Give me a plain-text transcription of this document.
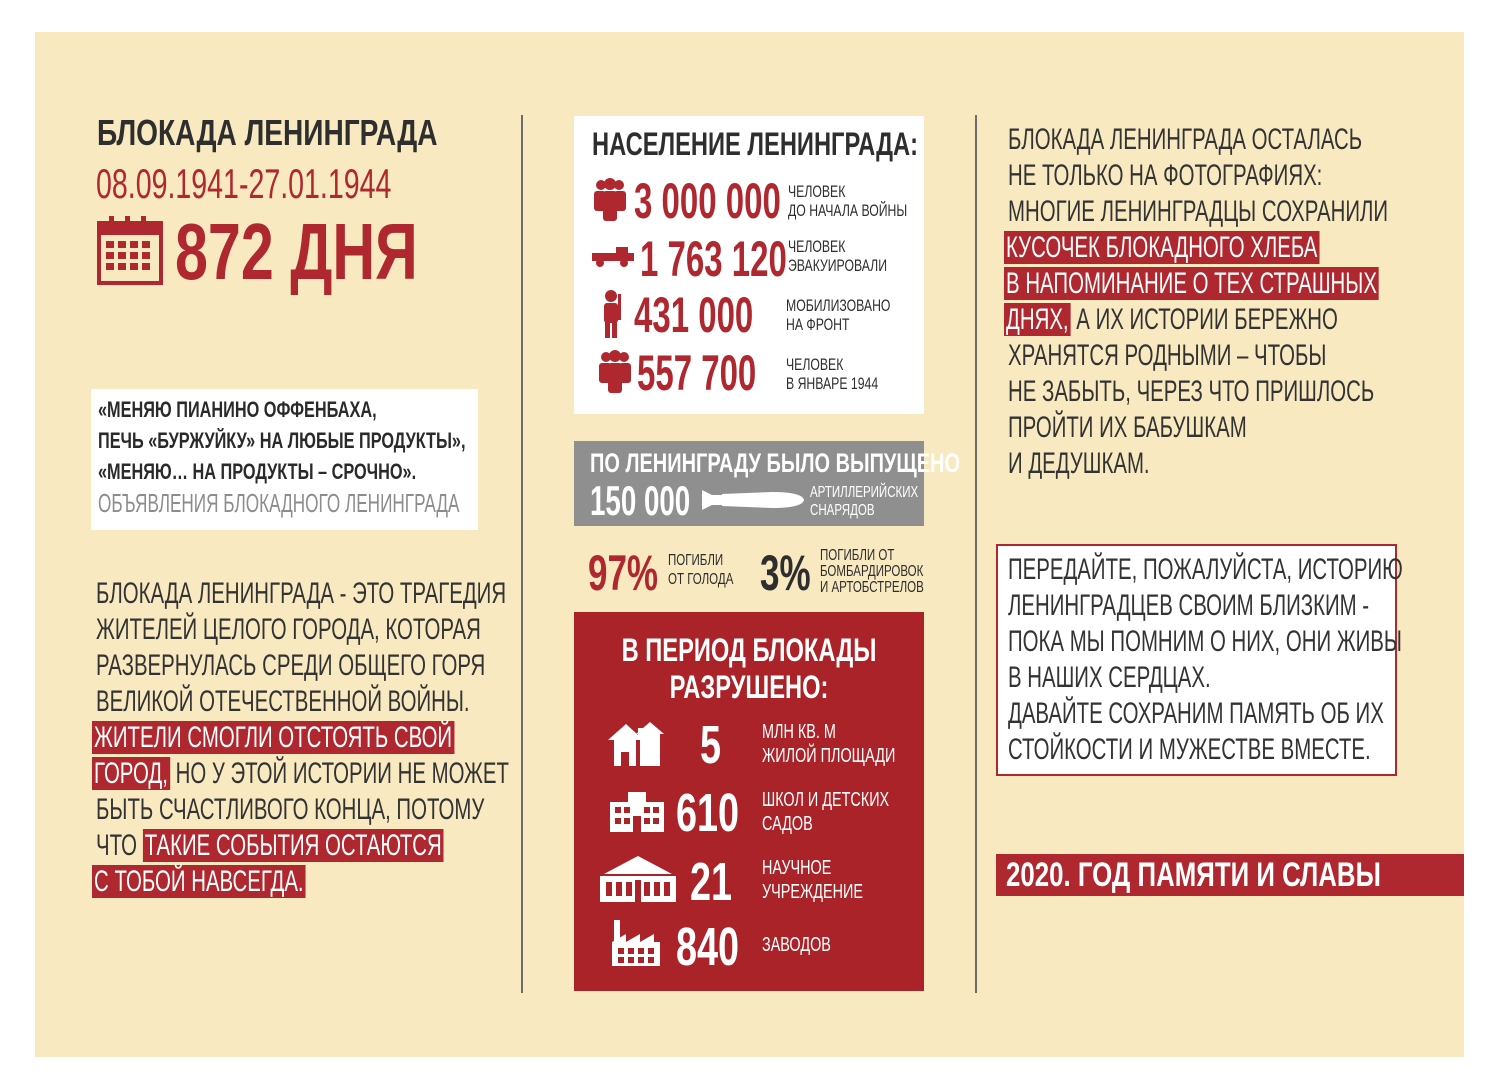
БЛОКАДА ЛЕНИНГРАДА
08.09.1941-27.01.1944
872 ДНЯ
«МЕНЯЮ ПИАНИНО ОФФЕНБАХА,
ПЕЧЬ «БУРЖУЙКУ» НА ЛЮБЫЕ ПРОДУКТЫ»,
«МЕНЯЮ… НА ПРОДУКТЫ – СРОЧНО».
ОБЪЯВЛЕНИЯ БЛОКАДНОГО ЛЕНИНГРАДА
БЛОКАДА ЛЕНИНГРАДА - ЭТО ТРАГЕДИЯ
ЖИТЕЛЕЙ ЦЕЛОГО ГОРОДА, КОТОРАЯ
РАЗВЕРНУЛАСЬ СРЕДИ ОБЩЕГО ГОРЯ
ВЕЛИКОЙ ОТЕЧЕСТВЕННОЙ ВОЙНЫ.
ЖИТЕЛИ СМОГЛИ ОТСТОЯТЬ СВОЙ
ГОРОД, НО У ЭТОЙ ИСТОРИИ НЕ МОЖЕТ
БЫТЬ СЧАСТЛИВОГО КОНЦА, ПОТОМУ
ЧТО ТАКИЕ СОБЫТИЯ ОСТАЮТСЯ
С ТОБОЙ НАВСЕГДА.
НАСЕЛЕНИЕ ЛЕНИНГРАДА:
3 000 000 ЧЕЛОВЕК
ДО НАЧАЛА ВОЙНЫ
1 763 120 ЧЕЛОВЕК
ЭВАКУИРОВАЛИ
431 000 МОБИЛИЗОВАНО
НА ФРОНТ
557 700 ЧЕЛОВЕК
В ЯНВАРЕ 1944
ПО ЛЕНИНГРАДУ БЫЛО ВЫПУЩЕНО
150 000	АРТИЛЛЕРИЙСКИХ
СНАРЯДОВ
97% ПОГИБЛИ
ОТ ГОЛОДА 3% ПОГИБЛИ ОТ
БОМБАРДИРОВОК
И АРТОБСТРЕЛОВ
В ПЕРИОД БЛОКАДЫ
РАЗРУШЕНО:
5 МЛН КВ. М
ЖИЛОЙ ПЛОЩАДИ
610 ШКОЛ И ДЕТСКИХ
САДОВ
21 НАУЧНОЕ
УЧРЕЖДЕНИЕ
840 ЗАВОДОВ
БЛОКАДА ЛЕНИНГРАДА ОСТАЛАСЬ
НЕ ТОЛЬКО НА ФОТОГРАФИЯХ:
МНОГИЕ ЛЕНИНГРАДЦЫ СОХРАНИЛИ
КУСОЧЕК БЛОКАДНОГО ХЛЕБА
В НАПОМИНАНИЕ О ТЕХ СТРАШНЫХ
ДНЯХ, А ИХ ИСТОРИИ БЕРЕЖНО
ХРАНЯТСЯ РОДНЫМИ – ЧТОБЫ
НЕ ЗАБЫТЬ, ЧЕРЕЗ ЧТО ПРИШЛОСЬ
ПРОЙТИ ИХ БАБУШКАМ
И ДЕДУШКАМ.
ПЕРЕДАЙТЕ, ПОЖАЛУЙСТА, ИСТОРИЮ
ЛЕНИНГРАДЦЕВ СВОИМ БЛИЗКИМ -
ПОКА МЫ ПОМНИМ О НИХ, ОНИ ЖИВЫ
В НАШИХ СЕРДЦАХ.
ДАВАЙТЕ СОХРАНИМ ПАМЯТЬ ОБ ИХ
СТОЙКОСТИ И МУЖЕСТВЕ ВМЕСТЕ.
2020. ГОД ПАМЯТИ И СЛАВЫ
